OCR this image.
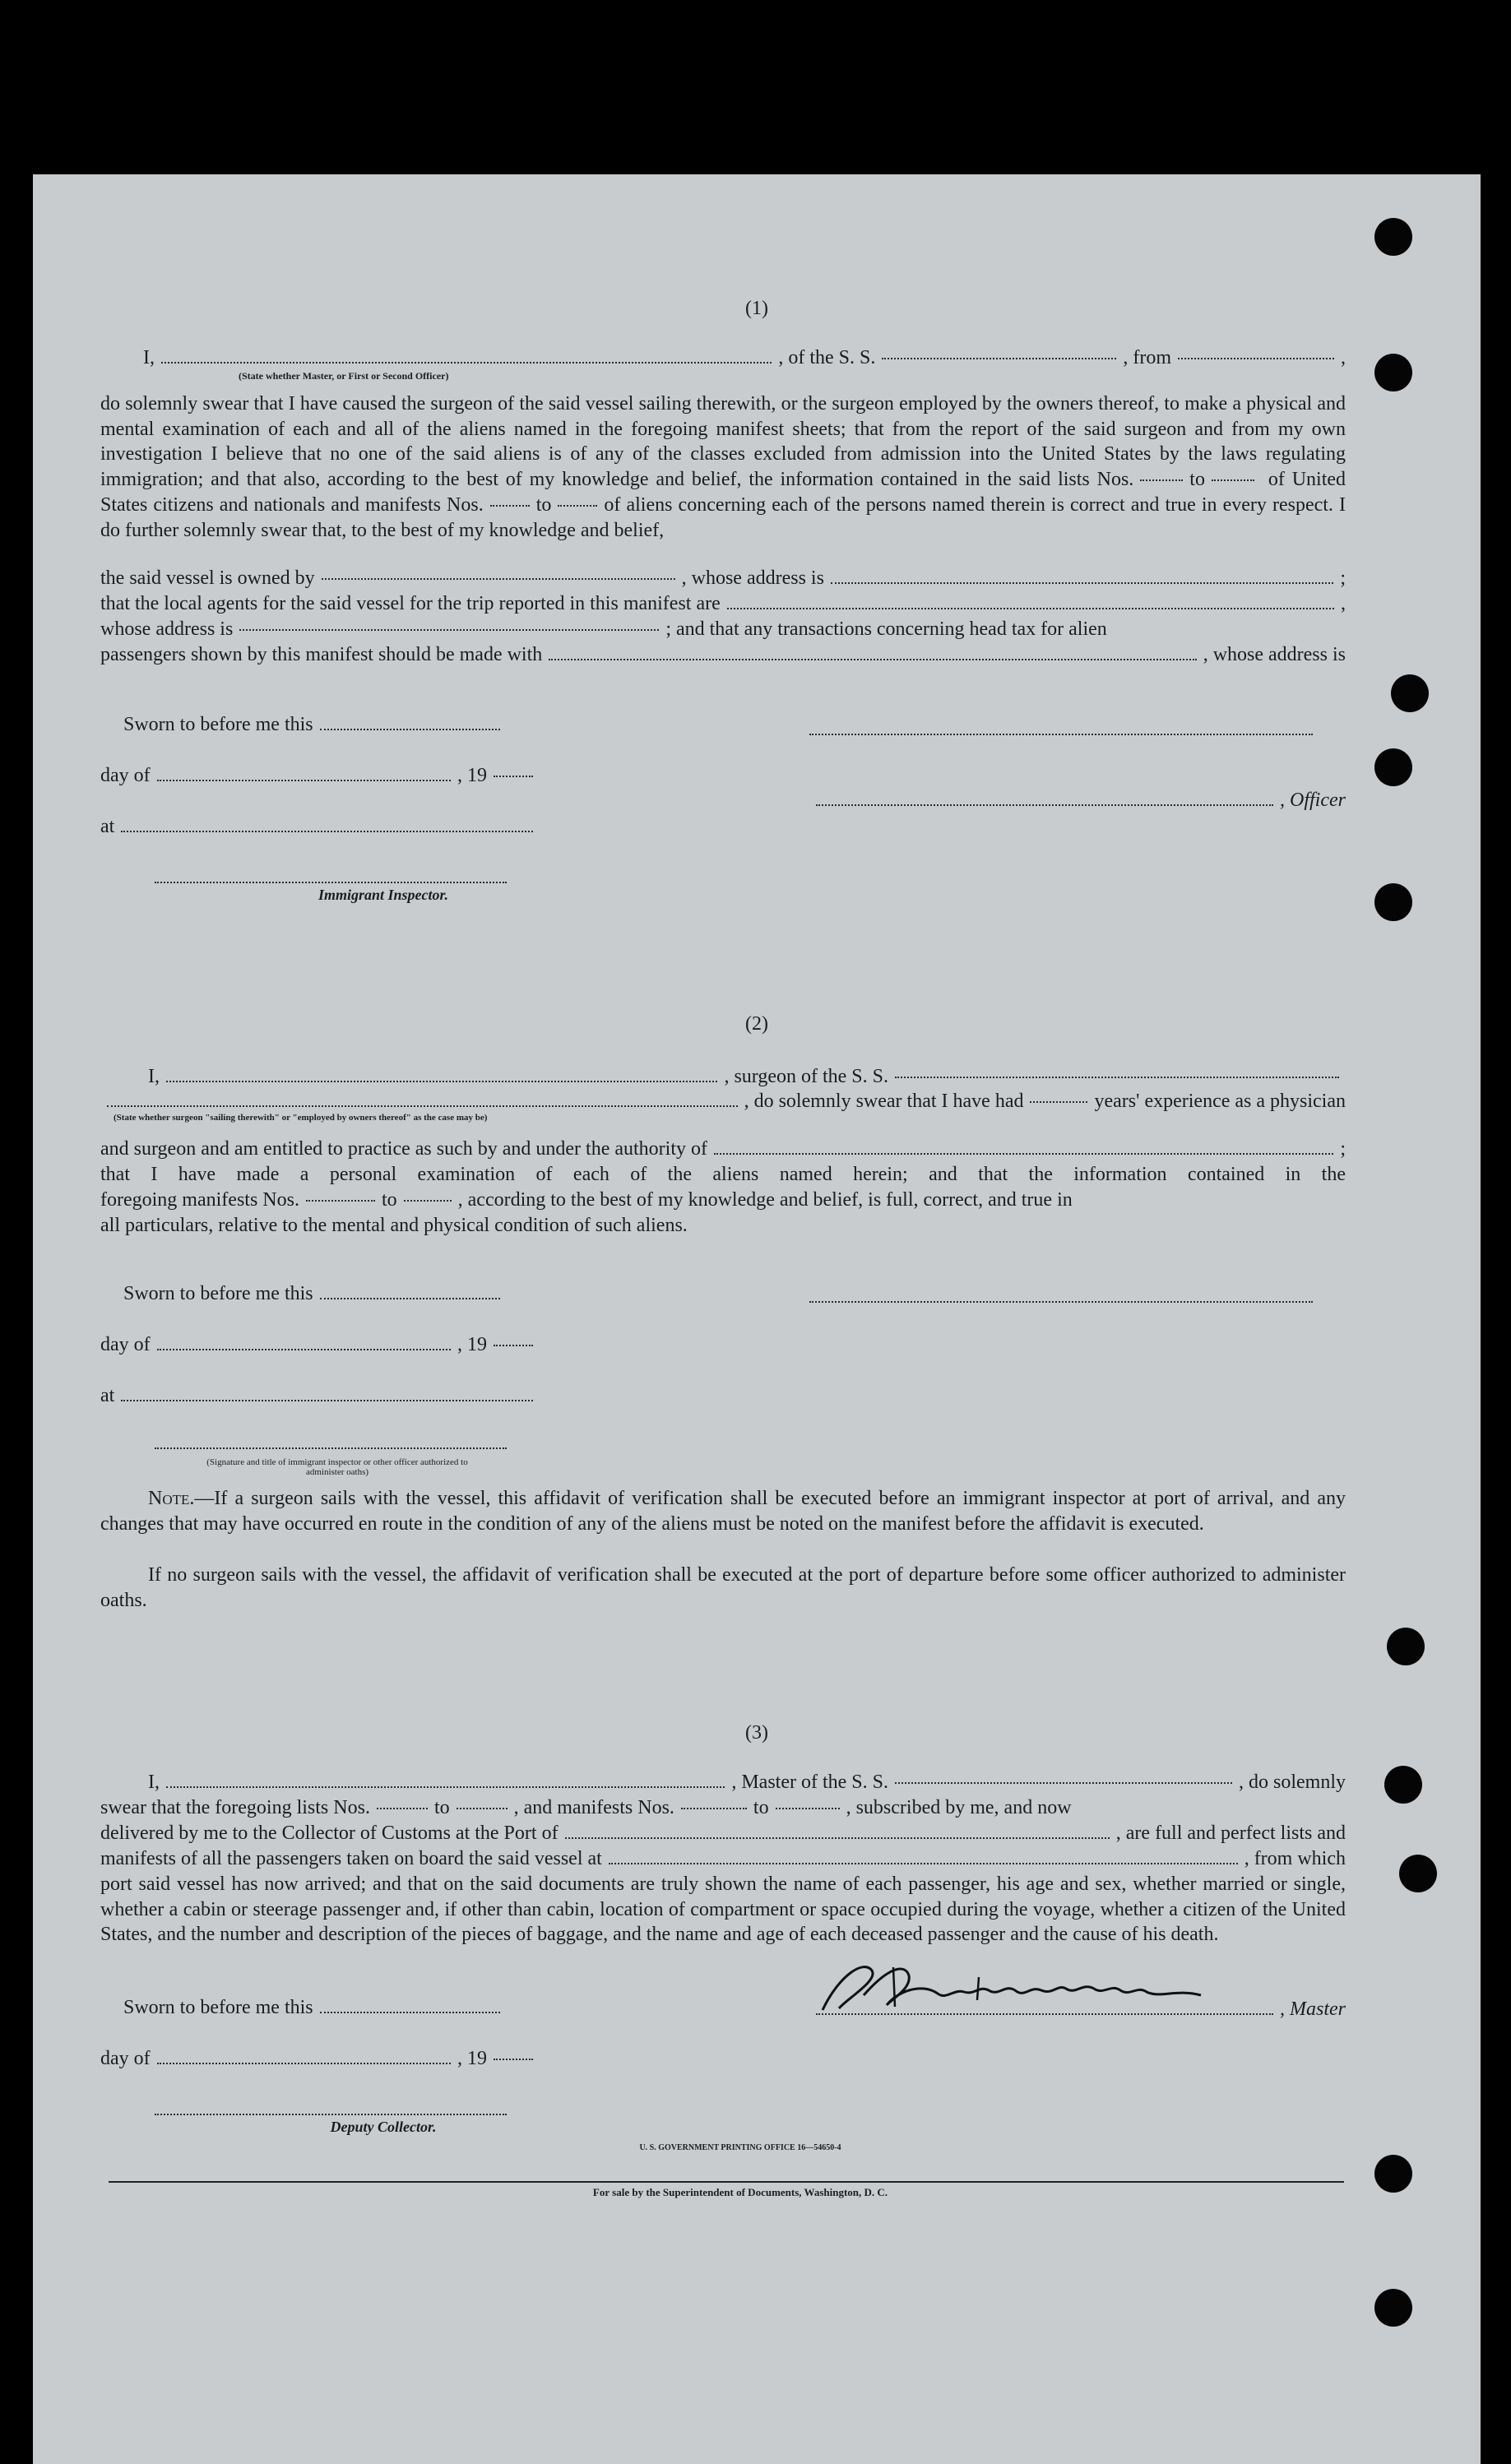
(1)
I,	, of the S. S.	, from	,
(State whether Master, or First or Second Officer)
do solemnly swear that I have caused the surgeon of the said vessel sailing therewith, or the surgeon employed by the owners thereof, to make a physical and mental examination of each and all of the aliens named in the foregoing manifest sheets; that from the report of the said surgeon and from my own investigation I believe that no one of the said aliens is of any of the classes excluded from admission into the United States by the laws regulating immigration; and that also, according to the best of my knowledge and belief, the information contained in the said lists Nos.	to	of United States citizens and nationals and manifests Nos.	to	of aliens concerning each of the persons named therein is correct and true in every respect. I do further solemnly swear that, to the best of my knowledge and belief,
the said vessel is owned by	, whose address is	;
that the local agents for the said vessel for the trip reported in this manifest are	,
whose address is	; and that any transactions concerning head tax for alien
passengers shown by this manifest should be made with	, whose address is
Sworn to before me this
day of	, 19
, Officer
at
Immigrant Inspector.
(2)
I,	, surgeon of the S. S.
, do solemnly swear that I have had	years' experience as a physician
(State whether surgeon "sailing therewith" or "employed by owners thereof" as the case may be)
and surgeon and am entitled to practice as such by and under the authority of	;
that I have made a personal examination of each of the aliens named herein; and that the information contained in the
foregoing manifests Nos.	to	, according to the best of my knowledge and belief, is full, correct, and true in
all particulars, relative to the mental and physical condition of such aliens.
Sworn to before me this
day of	, 19
at
(Signature and title of immigrant inspector or other officer authorized to administer oaths)
Note.—If a surgeon sails with the vessel, this affidavit of verification shall be executed before an immigrant inspector at port of arrival, and any changes that may have occurred en route in the condition of any of the aliens must be noted on the manifest before the affidavit is executed.
If no surgeon sails with the vessel, the affidavit of verification shall be executed at the port of departure before some officer authorized to administer oaths.
(3)
I,	, Master of the S. S.	, do solemnly
swear that the foregoing lists Nos.	to	, and manifests Nos.	to	, subscribed by me, and now
delivered by me to the Collector of Customs at the Port of	, are full and perfect lists and
manifests of all the passengers taken on board the said vessel at	, from which
port said vessel has now arrived; and that on the said documents are truly shown the name of each passenger, his age and sex, whether married or single, whether a cabin or steerage passenger and, if other than cabin, location of compartment or space occupied during the voyage, whether a citizen of the United States, and the number and description of the pieces of baggage, and the name and age of each deceased passenger and the cause of his death.
Sworn to before me this	, Master
day of	, 19
Deputy Collector.
U. S. GOVERNMENT PRINTING OFFICE 16—54650-4
For sale by the Superintendent of Documents, Washington, D. C.
